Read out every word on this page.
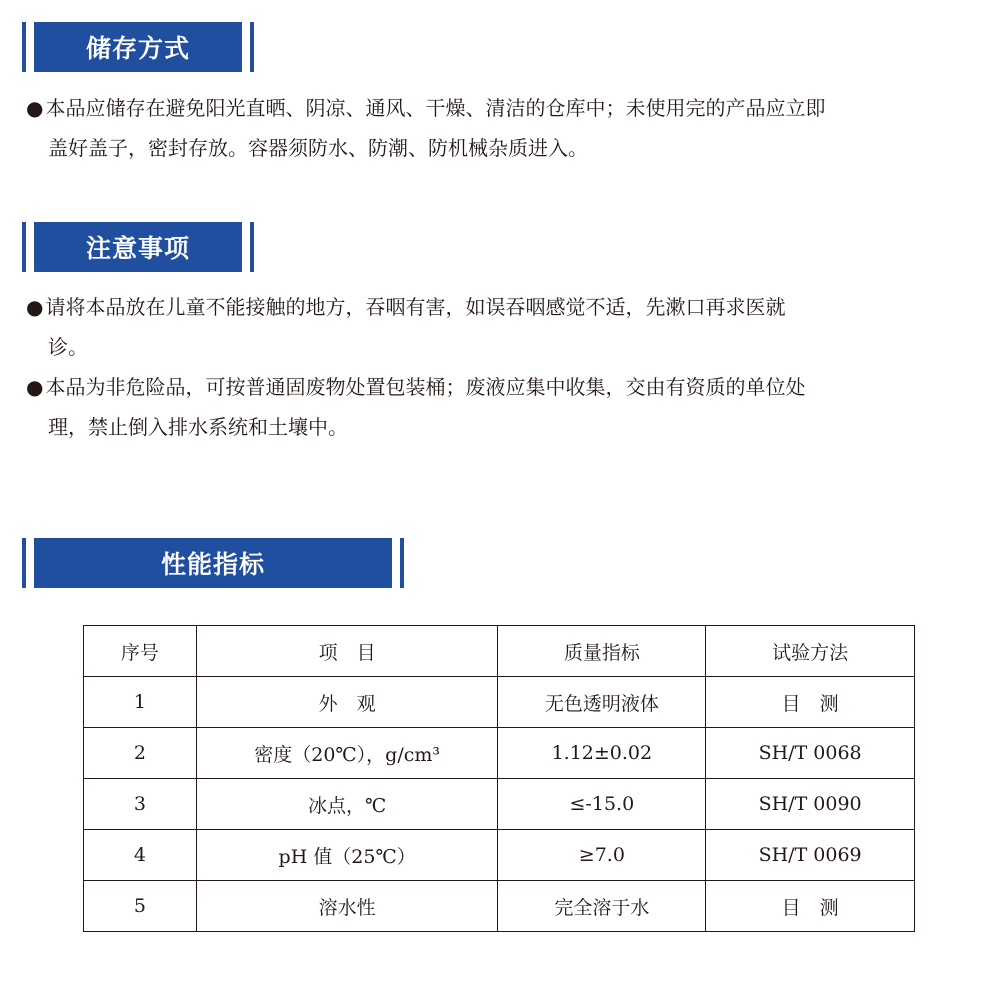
储存方式
● 本品应储存在避免阳光直晒、阴凉、通风、干燥、清洁的仓库中；未使用完的产品应立即
盖好盖子，密封存放。容器须防水、防潮、防机械杂质进入。
注意事项
● 请将本品放在儿童不能接触的地方，吞咽有害，如误吞咽感觉不适，先漱口再求医就
诊。
● 本品为非危险品，可按普通固废物处置包装桶；废液应集中收集，交由有资质的单位处
理，禁止倒入排水系统和土壤中。
性能指标
序号	项　目	质量指标	试验方法
1	外　观	无色透明液体	目　测
2	密度（20℃），g/cm³	1.12±0.02	SH/T 0068
3	冰点，℃	≤-15.0	SH/T 0090
4	pH 值（25℃）	≥7.0	SH/T 0069
5	溶水性	完全溶于水	目　测
